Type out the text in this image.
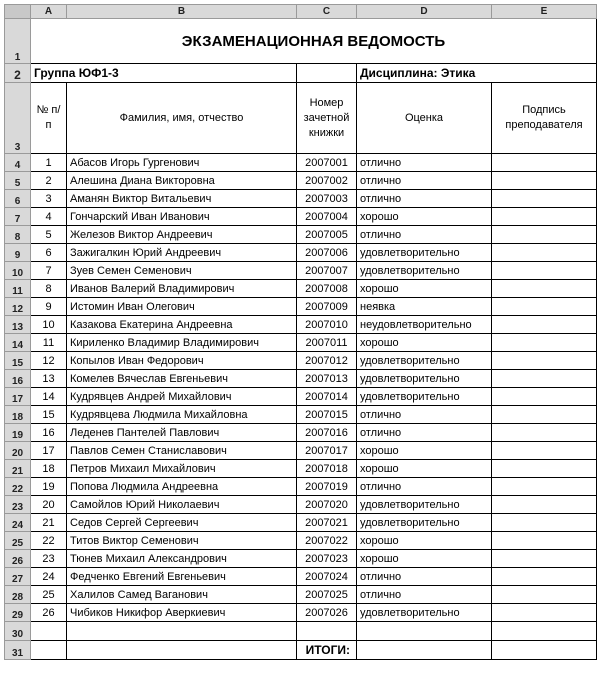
	A	B	C	D	E
1	ЭКЗАМЕНАЦИОННАЯ ВЕДОМОСТЬ				
2	Группа ЮФ1-3			Дисциплина: Этика	
3	№ п/п	Фамилия, имя, отчество	Номер зачетной книжки	Оценка	Подпись преподавателя
4	1	Абасов Игорь Гургенович	2007001	отлично	
5	2	Алешина Диана Викторовна	2007002	отлично	
6	3	Аманян Виктор Витальевич	2007003	отлично	
7	4	Гончарский Иван Иванович	2007004	хорошо	
8	5	Железов Виктор Андреевич	2007005	отлично	
9	6	Зажигалкин Юрий Андреевич	2007006	удовлетворительно	
10	7	Зуев Семен Семенович	2007007	удовлетворительно	
11	8	Иванов Валерий Владимирович	2007008	хорошо	
12	9	Истомин Иван Олегович	2007009	неявка	
13	10	Казакова Екатерина Андреевна	2007010	неудовлетворительно	
14	11	Кириленко Владимир Владимирович	2007011	хорошо	
15	12	Копылов Иван Федорович	2007012	удовлетворительно	
16	13	Комелев Вячеслав Евгеньевич	2007013	удовлетворительно	
17	14	Кудрявцев Андрей Михайлович	2007014	удовлетворительно	
18	15	Кудрявцева Людмила Михайловна	2007015	отлично	
19	16	Леденев Пантелей Павлович	2007016	отлично	
20	17	Павлов Семен Станиславович	2007017	хорошо	
21	18	Петров Михаил Михайлович	2007018	хорошо	
22	19	Попова Людмила Андреевна	2007019	отлично	
23	20	Самойлов Юрий Николаевич	2007020	удовлетворительно	
24	21	Седов Сергей Сергеевич	2007021	удовлетворительно	
25	22	Титов Виктор Семенович	2007022	хорошо	
26	23	Тюнев Михаил Александрович	2007023	хорошо	
27	24	Федченко Евгений Евгеньевич	2007024	отлично	
28	25	Халилов Самед Ваганович	2007025	отлично	
29	26	Чибиков Никифор Аверкиевич	2007026	удовлетворительно	
30					
31			ИТОГИ:		
